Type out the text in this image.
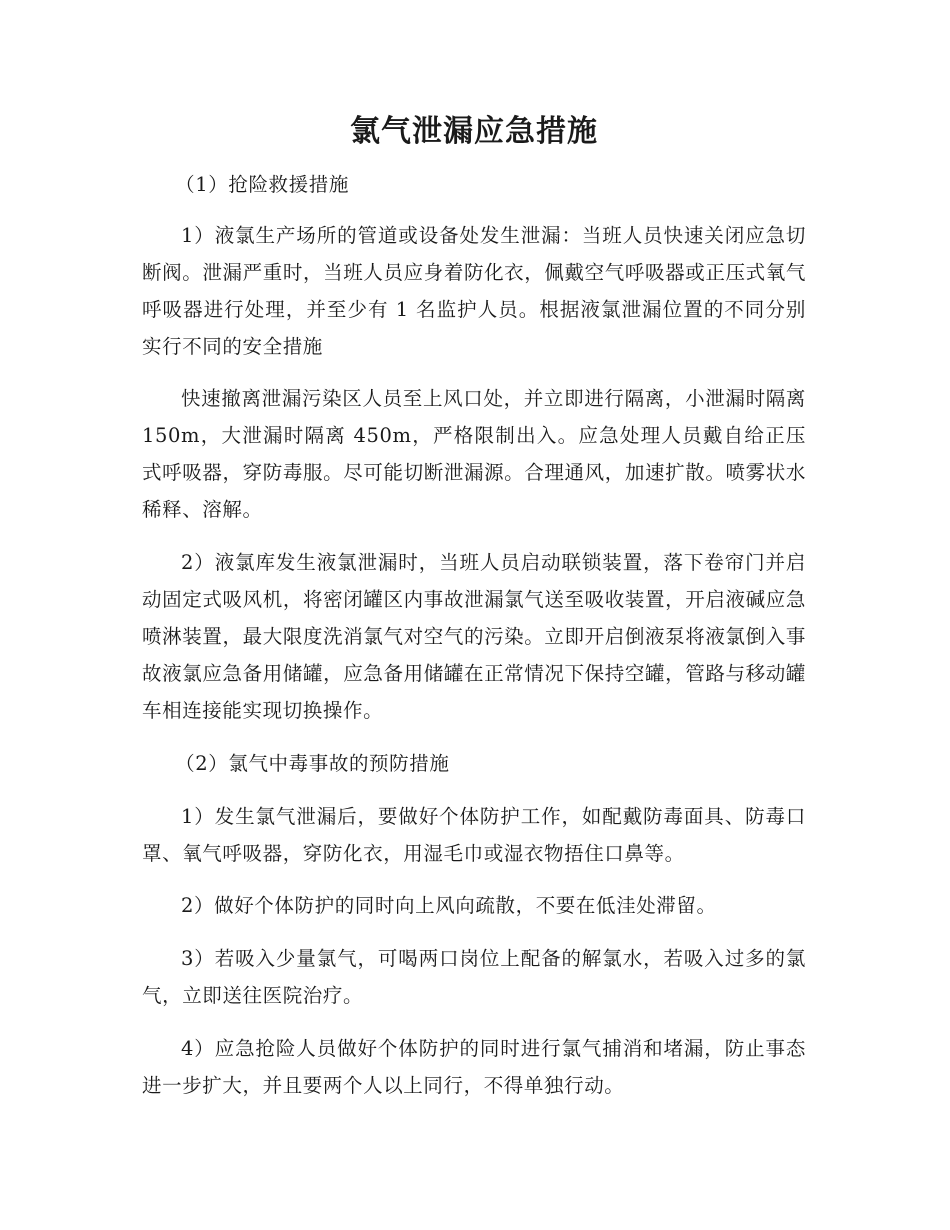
氯气泄漏应急措施

（1）抢险救援措施

1）液氯生产场所的管道或设备处发生泄漏：当班人员快速关闭应急切断阀。泄漏严重时，当班人员应身着防化衣，佩戴空气呼吸器或正压式氧气呼吸器进行处理，并至少有 1 名监护人员。根据液氯泄漏位置的不同分别实行不同的安全措施

快速撤离泄漏污染区人员至上风口处，并立即进行隔离，小泄漏时隔离 150m，大泄漏时隔离 450m，严格限制出入。应急处理人员戴自给正压式呼吸器，穿防毒服。尽可能切断泄漏源。合理通风，加速扩散。喷雾状水稀释、溶解。

2）液氯库发生液氯泄漏时，当班人员启动联锁装置，落下卷帘门并启动固定式吸风机，将密闭罐区内事故泄漏氯气送至吸收装置，开启液碱应急喷淋装置，最大限度洗消氯气对空气的污染。立即开启倒液泵将液氯倒入事故液氯应急备用储罐，应急备用储罐在正常情况下保持空罐，管路与移动罐车相连接能实现切换操作。

（2）氯气中毒事故的预防措施

1）发生氯气泄漏后，要做好个体防护工作，如配戴防毒面具、防毒口罩、氧气呼吸器，穿防化衣，用湿毛巾或湿衣物捂住口鼻等。

2）做好个体防护的同时向上风向疏散，不要在低洼处滞留。

3）若吸入少量氯气，可喝两口岗位上配备的解氯水，若吸入过多的氯气，立即送往医院治疗。

4）应急抢险人员做好个体防护的同时进行氯气捕消和堵漏，防止事态进一步扩大，并且要两个人以上同行，不得单独行动。
